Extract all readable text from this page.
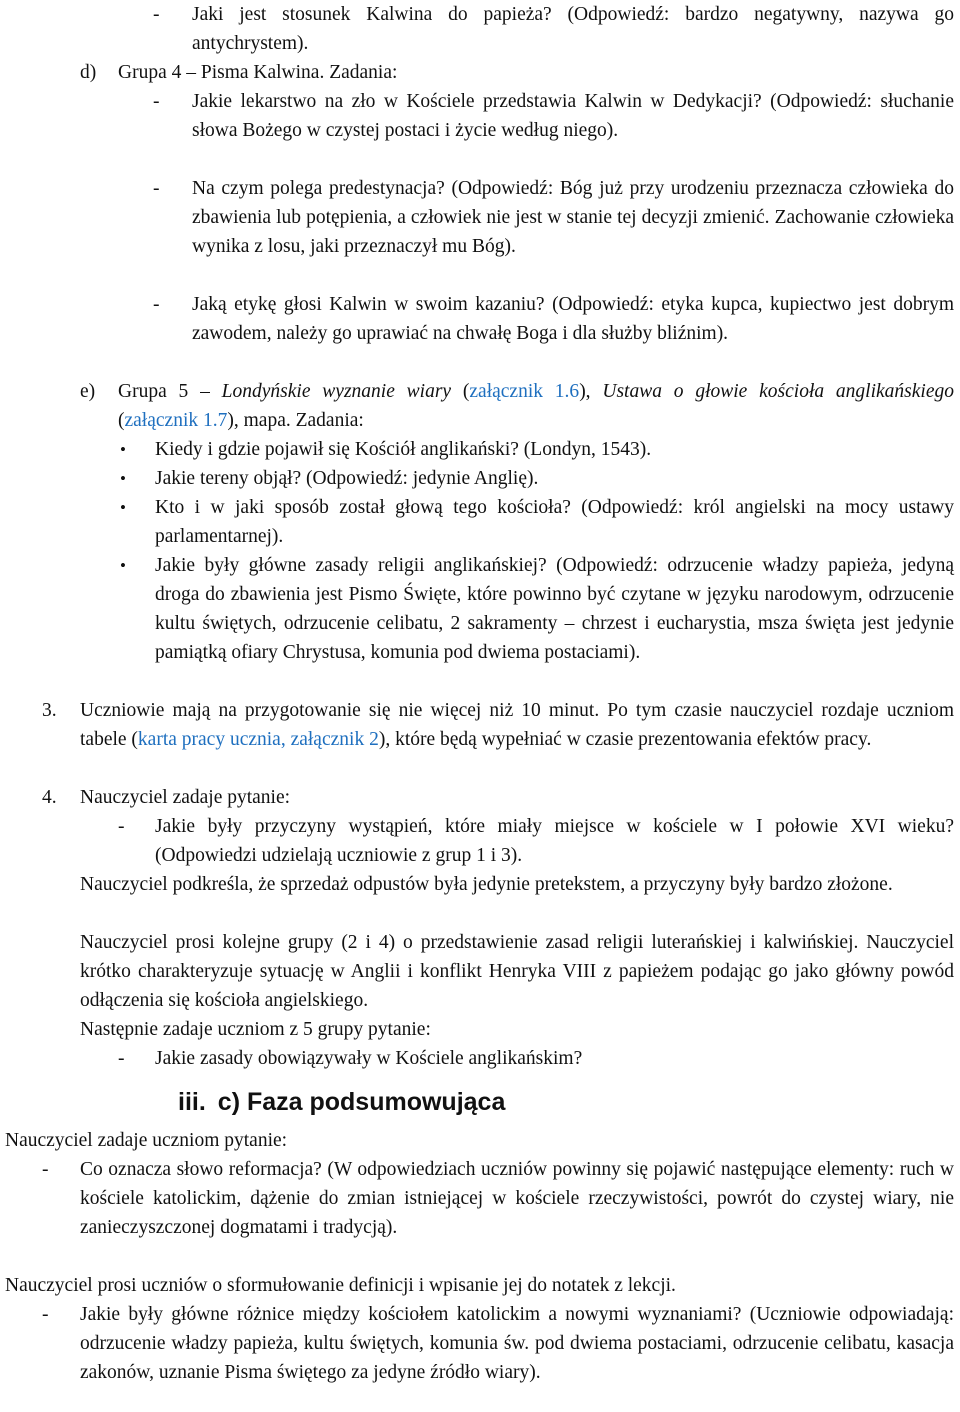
- Jaki jest stosunek Kalwina do papieża? (Odpowiedź: bardzo negatywny, nazywa go antychrystem).
d) Grupa 4 – Pisma Kalwina. Zadania:
- Jakie lekarstwo na zło w Kościele przedstawia Kalwin w Dedykacji? (Odpowiedź: słuchanie słowa Bożego w czystej postaci i życie według niego).
- Na czym polega predestynacja? (Odpowiedź: Bóg już przy urodzeniu przeznacza człowieka do zbawienia lub potępienia, a człowiek nie jest w stanie tej decyzji zmienić. Zachowanie człowieka wynika z losu, jaki przeznaczył mu Bóg).
- Jaką etykę głosi Kalwin w swoim kazaniu? (Odpowiedź: etyka kupca, kupiectwo jest dobrym zawodem, należy go uprawiać na chwałę Boga i dla służby bliźnim).
e) Grupa 5 – Londyńskie wyznanie wiary (załącznik 1.6), Ustawa o głowie kościoła anglikańskiego (załącznik 1.7), mapa. Zadania:
• Kiedy i gdzie pojawił się Kościół anglikański? (Londyn, 1543).
• Jakie tereny objął? (Odpowiedź: jedynie Anglię).
• Kto i w jaki sposób został głową tego kościoła? (Odpowiedź: król angielski na mocy ustawy parlamentarnej).
• Jakie były główne zasady religii anglikańskiej? (Odpowiedź: odrzucenie władzy papieża, jedyną droga do zbawienia jest Pismo Święte, które powinno być czytane w języku narodowym, odrzucenie kultu świętych, odrzucenie celibatu, 2 sakramenty – chrzest i eucharystia, msza święta jest jedynie pamiątką ofiary Chrystusa, komunia pod dwiema postaciami).
3. Uczniowie mają na przygotowanie się nie więcej niż 10 minut. Po tym czasie nauczyciel rozdaje uczniom tabele (karta pracy ucznia, załącznik 2), które będą wypełniać w czasie prezentowania efektów pracy.
4. Nauczyciel zadaje pytanie:
- Jakie były przyczyny wystąpień, które miały miejsce w kościele w I połowie XVI wieku? (Odpowiedzi udzielają uczniowie z grup 1 i 3).
Nauczyciel podkreśla, że sprzedaż odpustów była jedynie pretekstem, a przyczyny były bardzo złożone.
Nauczyciel prosi kolejne grupy (2 i 4) o przedstawienie zasad religii luterańskiej i kalwińskiej. Nauczyciel krótko charakteryzuje sytuację w Anglii i konflikt Henryka VIII z papieżem podając go jako główny powód odłączenia się kościoła angielskiego.
Następnie zadaje uczniom z 5 grupy pytanie:
- Jakie zasady obowiązywały w Kościele anglikańskim?
iii. c) Faza podsumowująca
Nauczyciel zadaje uczniom pytanie:
- Co oznacza słowo reformacja? (W odpowiedziach uczniów powinny się pojawić następujące elementy: ruch w kościele katolickim, dążenie do zmian istniejącej w kościele rzeczywistości, powrót do czystej wiary, nie zanieczyszczonej dogmatami i tradycją).
Nauczyciel prosi uczniów o sformułowanie definicji i wpisanie jej do notatek z lekcji.
- Jakie były główne różnice między kościołem katolickim a nowymi wyznaniami? (Uczniowie odpowiadają: odrzucenie władzy papieża, kultu świętych, komunia św. pod dwiema postaciami, odrzucenie celibatu, kasacja zakonów, uznanie Pisma świętego za jedyne źródło wiary).
